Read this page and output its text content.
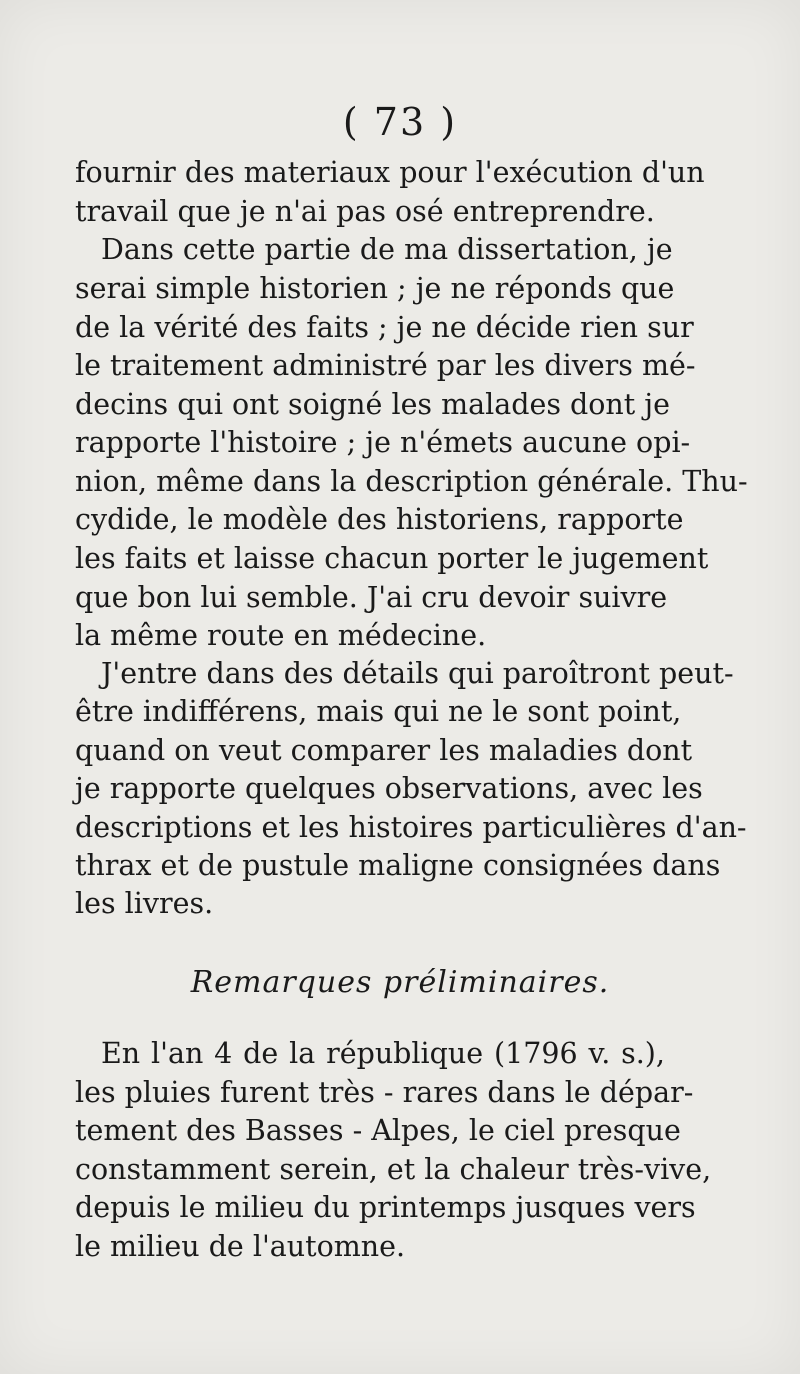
( 73 )
fournir des materiaux pour l'exécution d'un
travail que je n'ai pas osé entreprendre.
Dans cette partie de ma dissertation, je
serai simple historien ; je ne réponds que
de la vérité des faits ; je ne décide rien sur
le traitement administré par les divers mé-
decins qui ont soigné les malades dont je
rapporte l'histoire ; je n'émets aucune opi-
nion, même dans la description générale. Thu-
cydide, le modèle des historiens, rapporte
les faits et laisse chacun porter le jugement
que bon lui semble. J'ai cru devoir suivre
la même route en médecine.
J'entre dans des détails qui paroîtront peut-
être indifférens, mais qui ne le sont point,
quand on veut comparer les maladies dont
je rapporte quelques observations, avec les
descriptions et les histoires particulières d'an-
thrax et de pustule maligne consignées dans
les livres.
Remarques préliminaires.
En l'an 4 de la république (1796 v. s.),
les pluies furent très - rares dans le dépar-
tement des Basses - Alpes, le ciel presque
constamment serein, et la chaleur très-vive,
depuis le milieu du printemps jusques vers
le milieu de l'automne.
